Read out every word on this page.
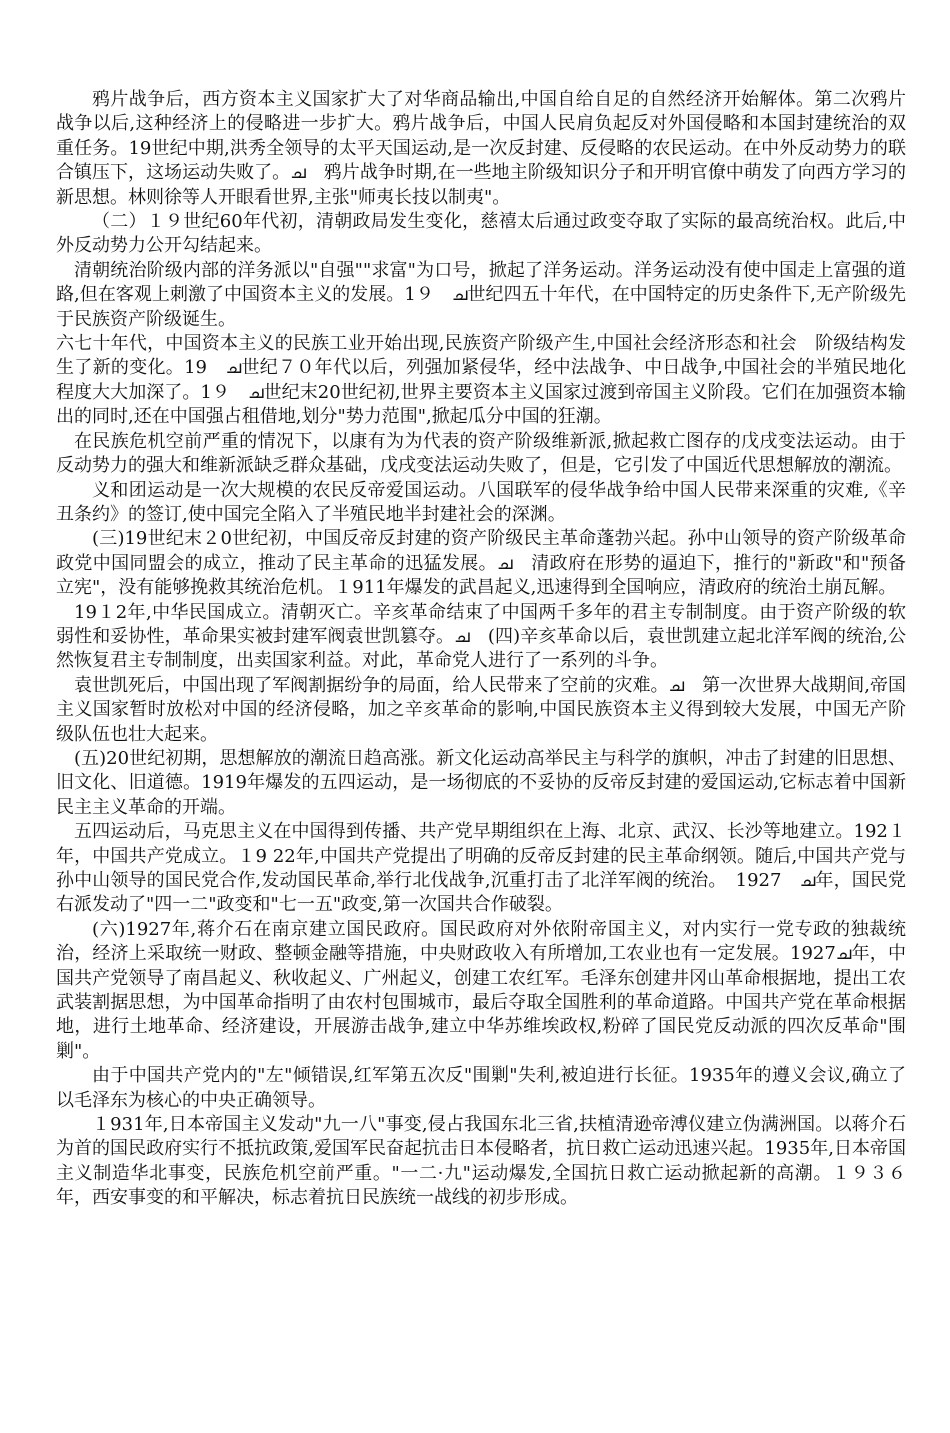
鸦片战争后，西方资本主义国家扩大了对华商品输出,中国自给自足的自然经济开始解体。第二次鸦片战争以后,这种经济上的侵略进一步扩大。鸦片战争后，中国人民肩负起反对外国侵略和本国封建统治的双重任务。19世纪中期,洪秀全领导的太平天国运动,是一次反封建、反侵略的农民运动。在中外反动势力的联合镇压下，这场运动失败了。ച　鸦片战争时期,在一些地主阶级知识分子和开明官僚中萌发了向西方学习的新思想。林则徐等人开眼看世界,主张"师夷长技以制夷"。

（二）１９世纪60年代初，清朝政局发生变化，慈禧太后通过政变夺取了实际的最高统治权。此后,中外反动势力公开勾结起来。

清朝统治阶级内部的洋务派以"自强""求富"为口号，掀起了洋务运动。洋务运动没有使中国走上富强的道路,但在客观上刺激了中国资本主义的发展。1９　ച世纪四五十年代，在中国特定的历史条件下,无产阶级先于民族资产阶级诞生。

六七十年代，中国资本主义的民族工业开始出现,民族资产阶级产生,中国社会经济形态和社会　阶级结构发生了新的变化。19　ച世纪７０年代以后，列强加紧侵华，经中法战争、中日战争,中国社会的半殖民地化程度大大加深了。1９　ച世纪末20世纪初,世界主要资本主义国家过渡到帝国主义阶段。它们在加强资本输出的同时,还在中国强占租借地,划分"势力范围",掀起瓜分中国的狂潮。

在民族危机空前严重的情况下，以康有为为代表的资产阶级维新派,掀起救亡图存的戊戌变法运动。由于反动势力的强大和维新派缺乏群众基础，戊戌变法运动失败了，但是，它引发了中国近代思想解放的潮流。

义和团运动是一次大规模的农民反帝爱国运动。八国联军的侵华战争给中国人民带来深重的灾难,《辛丑条约》的签订,使中国完全陷入了半殖民地半封建社会的深渊。

(三)19世纪末２0世纪初，中国反帝反封建的资产阶级民主革命蓬勃兴起。孙中山领导的资产阶级革命政党中国同盟会的成立，推动了民主革命的迅猛发展。ച　清政府在形势的逼迫下，推行的"新政"和"预备立宪"，没有能够挽救其统治危机。１911年爆发的武昌起义,迅速得到全国响应，清政府的统治土崩瓦解。

19１2年,中华民国成立。清朝灭亡。辛亥革命结束了中国两千多年的君主专制制度。由于资产阶级的软弱性和妥协性，革命果实被封建军阀袁世凯篡夺。ച　(四)辛亥革命以后，袁世凯建立起北洋军阀的统治,公然恢复君主专制制度，出卖国家利益。对此，革命党人进行了一系列的斗争。

袁世凯死后，中国出现了军阀割据纷争的局面，给人民带来了空前的灾难。ച　第一次世界大战期间,帝国主义国家暂时放松对中国的经济侵略，加之辛亥革命的影响,中国民族资本主义得到较大发展，中国无产阶级队伍也壮大起来。

(五)20世纪初期，思想解放的潮流日趋高涨。新文化运动高举民主与科学的旗帜，冲击了封建的旧思想、旧文化、旧道德。1919年爆发的五四运动，是一场彻底的不妥协的反帝反封建的爱国运动,它标志着中国新民主主义革命的开端。

五四运动后，马克思主义在中国得到传播、共产党早期组织在上海、北京、武汉、长沙等地建立。192１年，中国共产党成立。１9 22年,中国共产党提出了明确的反帝反封建的民主革命纲领。随后,中国共产党与孙中山领导的国民党合作,发动国民革命,举行北伐战争,沉重打击了北洋军阀的统治。　1927　ച年，国民党右派发动了"四一二"政变和"七一五"政变,第一次国共合作破裂。

(六)1927年,蒋介石在南京建立国民政府。国民政府对外依附帝国主义，对内实行一党专政的独裁统治，经济上采取统一财政、整顿金融等措施，中央财政收入有所增加,工农业也有一定发展。1927ച年，中国共产党领导了南昌起义、秋收起义、广州起义，创建工农红军。毛泽东创建井冈山革命根据地，提出工农武装割据思想，为中国革命指明了由农村包围城市，最后夺取全国胜利的革命道路。中国共产党在革命根据地，进行土地革命、经济建设，开展游击战争,建立中华苏维埃政权,粉碎了国民党反动派的四次反革命"围剿"。

由于中国共产党内的"左"倾错误,红军第五次反"围剿"失利,被迫进行长征。1935年的遵义会议,确立了以毛泽东为核心的中央正确领导。

１931年,日本帝国主义发动"九一八"事变,侵占我国东北三省,扶植清逊帝溥仪建立伪满洲国。以蒋介石为首的国民政府实行不抵抗政策,爱国军民奋起抗击日本侵略者，抗日救亡运动迅速兴起。1935年,日本帝国主义制造华北事变，民族危机空前严重。"一二·九"运动爆发,全国抗日救亡运动掀起新的高潮。１９３６年，西安事变的和平解决，标志着抗日民族统一战线的初步形成。
